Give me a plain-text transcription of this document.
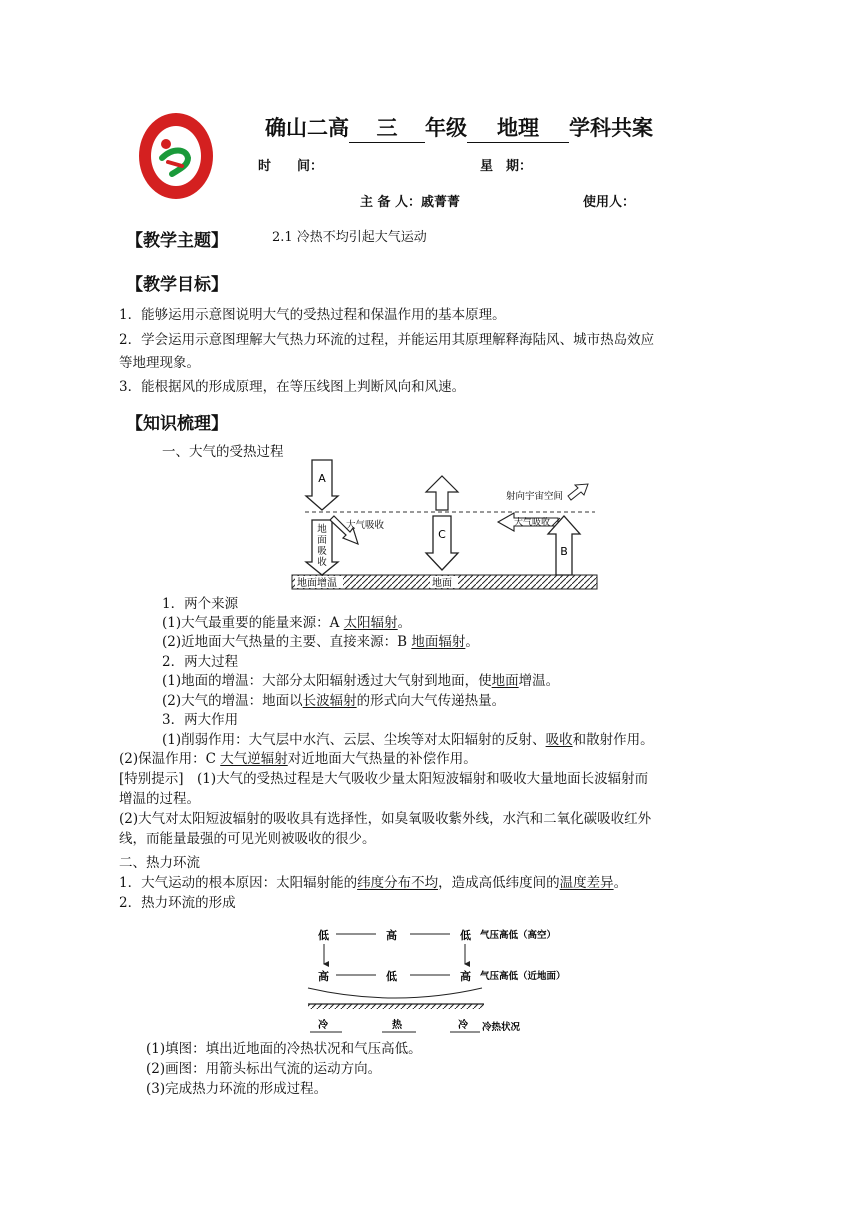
确山二高 三 年级 地理 学科共案
时　　间：	星　期：
主 备 人：戚菁菁	使用人：
【教学主题】	2.1 冷热不均引起大气运动
【教学目标】
1．能够运用示意图说明大气的受热过程和保温作用的基本原理。
2．学会运用示意图理解大气热力环流的过程，并能运用其原理解释海陆风、城市热岛效应
等地理现象。
3．能根据风的形成原理，在等压线图上判断风向和风速。
【知识梳理】
一、大气的受热过程
A
地
面
吸
收
大气吸收
C
射向宇宙空间
大气吸收
B
地面增温	地面
1．两个来源
(1)大气最重要的能量来源：A 太阳辐射。
(2)近地面大气热量的主要、直接来源：B 地面辐射。
2．两大过程
(1)地面的增温：大部分太阳辐射透过大气射到地面，使地面增温。
(2)大气的增温：地面以长波辐射的形式向大气传递热量。
3．两大作用
(1)削弱作用：大气层中水汽、云层、尘埃等对太阳辐射的反射、吸收和散射作用。
(2)保温作用：C 大气逆辐射对近地面大气热量的补偿作用。
[特别提示]　(1)大气的受热过程是大气吸收少量太阳短波辐射和吸收大量地面长波辐射而
增温的过程。
(2)大气对太阳短波辐射的吸收具有选择性，如臭氧吸收紫外线，水汽和二氧化碳吸收红外
线，而能量最强的可见光则被吸收的很少。
二、热力环流
1．大气运动的根本原因：太阳辐射能的纬度分布不均，造成高低纬度间的温度差异。
2．热力环流的形成
低	高	低 气压高低（高空）
高	低	高 气压高低（近地面）
冷	热	冷 冷热状况
(1)填图：填出近地面的冷热状况和气压高低。
(2)画图：用箭头标出气流的运动方向。
(3)完成热力环流的形成过程。
